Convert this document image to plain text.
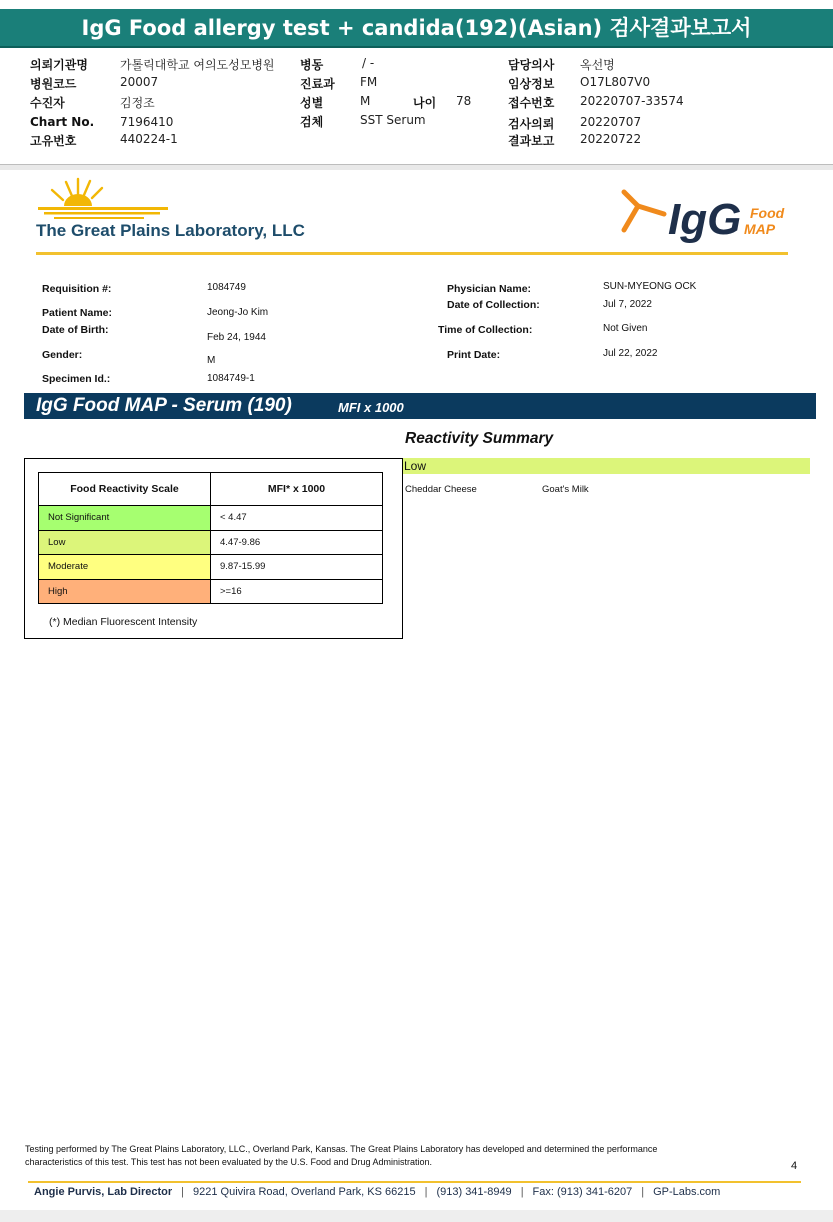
IgG Food allergy test + candida(192)(Asian) 검사결과보고서
의뢰기관명	가톨릭대학교 여의도성모병원
병원코드	20007
수진자	김정조
Chart No. 7196410
고유번호	440224-1
병동	/ -
진료과 FM
성별	M	나이 78
검체	SST Serum
담당의사 옥선명
임상정보 O17L807V0
접수번호 20220707-33574
검사의뢰 20220707
결과보고 20220722
The Great Plains Laboratory, LLC	IgG Food
MAP
Requisition #:	1084749
Patient Name:	Jeong-Jo Kim
Date of Birth:
Feb 24, 1944
Gender:	M
Specimen Id.:	1084749-1
Physician Name:	SUN-MYEONG OCK
Date of Collection:	Jul 7, 2022
Time of Collection:	Not Given
Print Date:	Jul 22, 2022
IgG Food MAP - Serum (190)	MFI x 1000
Food Reactivity Scale	MFI* x 1000
Not Significant	< 4.47
Low	4.47-9.86
Moderate	9.87-15.99
High	>=16
(*) Median Fluorescent Intensity
Reactivity Summary
Low
Cheddar Cheese	Goat's Milk
Testing performed by The Great Plains Laboratory, LLC., Overland Park, Kansas. The Great Plains Laboratory has developed and determined the performance
characteristics of this test. This test has not been evaluated by the U.S. Food and Drug Administration.	4
Angie Purvis, Lab Director | 9221 Quivira Road, Overland Park, KS 66215 | (913) 341-8949 | Fax: (913) 341-6207 | GP-Labs.com
